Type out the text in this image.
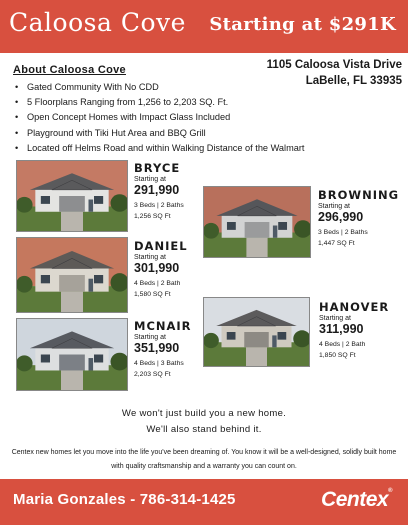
Caloosa Cove Starting at $291K
About Caloosa Cove	1105 Caloosa Vista Drive
LaBelle, FL 33935
• Gated Community With No CDD
• 5 Floorplans Ranging from 1,256 to 2,203 SQ. Ft.
• Open Concept Homes with Impact Glass Included
• Playground with Tiki Hut Area and BBQ Grill
• Located off Helms Road and within Walking Distance of the Walmart
BRYCE
Starting at
291,990
3 Beds | 2 Baths
1,256 SQ Ft
BROWNING
Starting at
296,990
3 Beds | 2 Baths
1,447 SQ Ft
DANIEL
Starting at
301,990
4 Beds | 2 Bath
1,580 SQ Ft
HANOVER
Starting at
311,990
4 Beds | 2 Bath
1,850 SQ Ft
MCNAIR
Starting at
351,990
4 Beds | 3 Baths
2,203 SQ Ft
We won't just build you a new home.
We'll also stand behind it.
Centex new homes let you move into the life you've been dreaming of. You know it will be a well-designed, solidly built home with quality craftsmanship and a warranty you can count on.
Maria Gonzales - 786-314-1425	Centex®
